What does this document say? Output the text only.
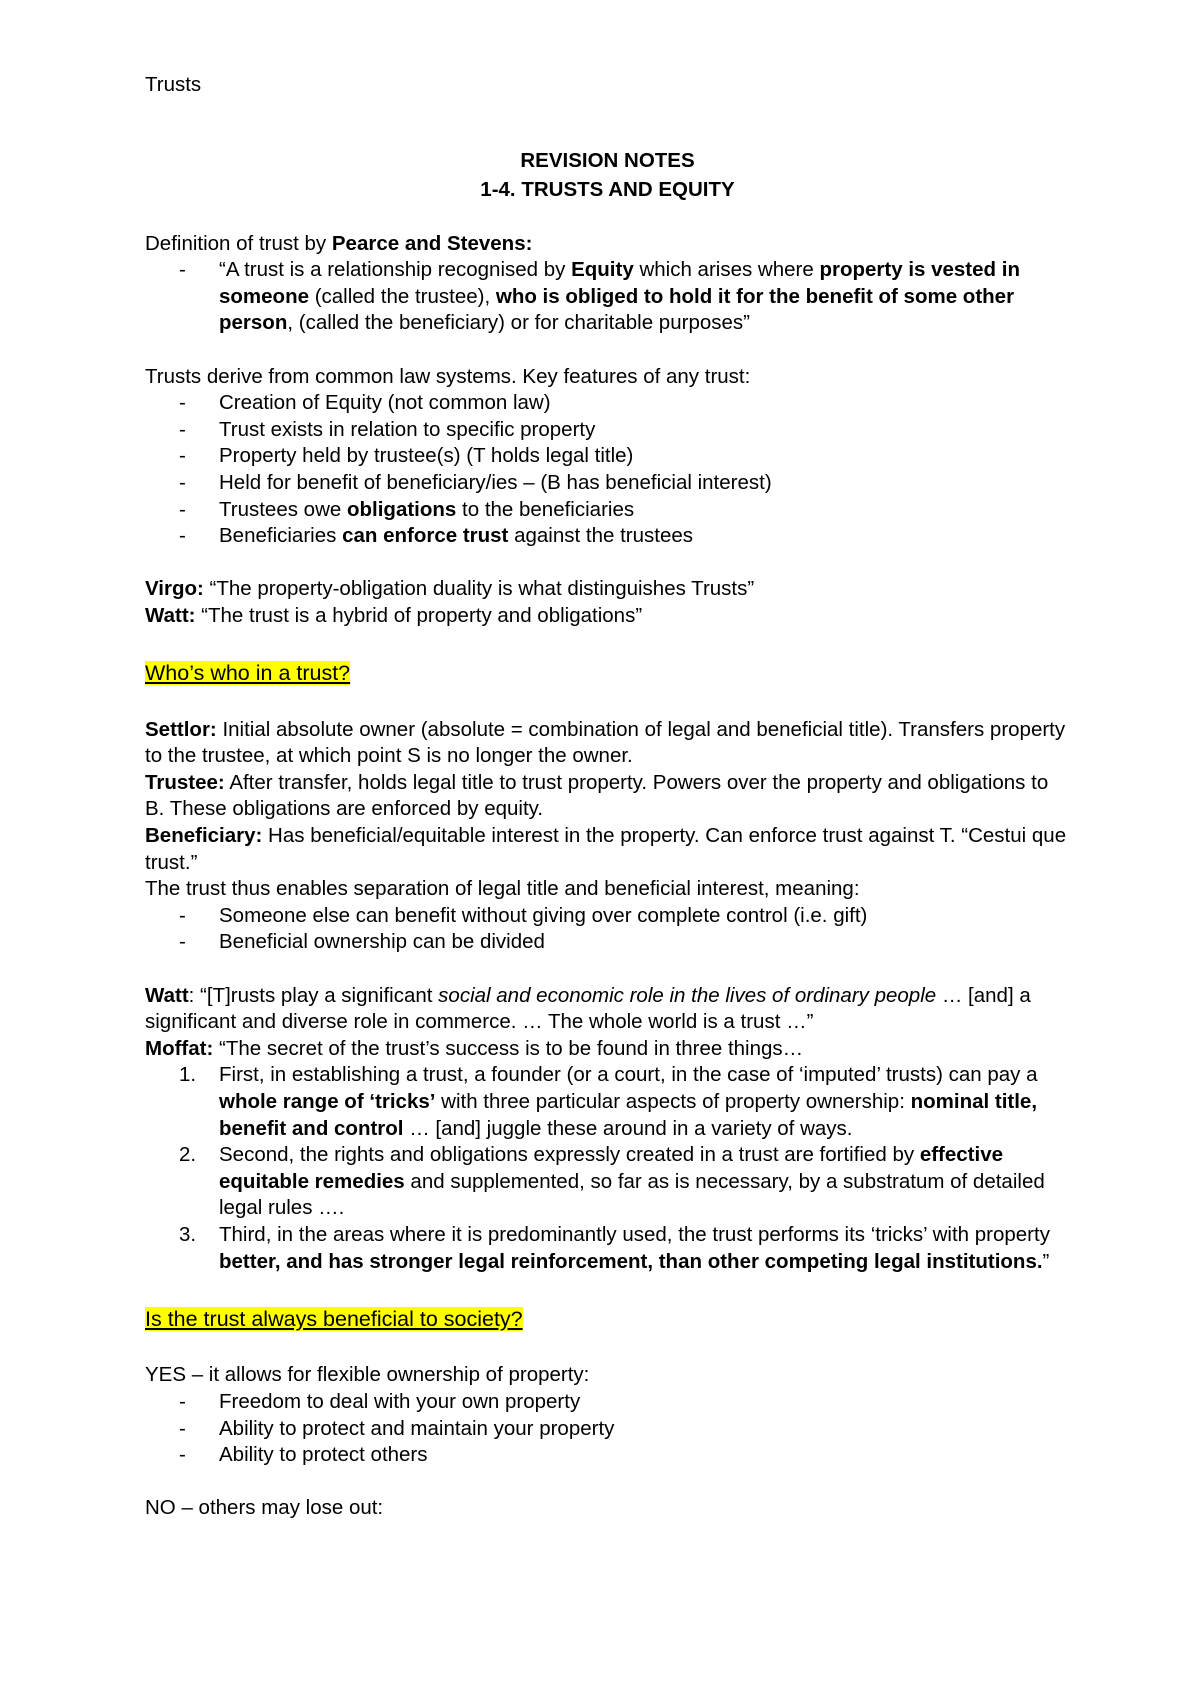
Trusts
REVISION NOTES
1-4. TRUSTS AND EQUITY

Definition of trust by Pearce and Stevens:

- “A trust is a relationship recognised by Equity which arises where property is vested in someone (called the trustee), who is obliged to hold it for the benefit of some other person, (called the beneficiary) or for charitable purposes”

Trusts derive from common law systems. Key features of any trust:

- Creation of Equity (not common law)
- Trust exists in relation to specific property
- Property held by trustee(s) (T holds legal title)
- Held for benefit of beneficiary/ies – (B has beneficial interest)
- Trustees owe obligations to the beneficiaries
- Beneficiaries can enforce trust against the trustees

Virgo: “The property-obligation duality is what distinguishes Trusts”

Watt: “The trust is a hybrid of property and obligations”

Who’s who in a trust?

Settlor: Initial absolute owner (absolute = combination of legal and beneficial title). Transfers property to the trustee, at which point S is no longer the owner.

Trustee: After transfer, holds legal title to trust property. Powers over the property and obligations to B. These obligations are enforced by equity.

Beneficiary: Has beneficial/equitable interest in the property. Can enforce trust against T. “Cestui que trust.”

The trust thus enables separation of legal title and beneficial interest, meaning:

- Someone else can benefit without giving over complete control (i.e. gift)
- Beneficial ownership can be divided

Watt: “[T]rusts play a significant social and economic role in the lives of ordinary people … [and] a significant and diverse role in commerce. … The whole world is a trust …”

Moffat: “The secret of the trust’s success is to be found in three things…

1. First, in establishing a trust, a founder (or a court, in the case of ‘imputed’ trusts) can pay a whole range of ‘tricks’ with three particular aspects of property ownership: nominal title, benefit and control … [and] juggle these around in a variety of ways.
2. Second, the rights and obligations expressly created in a trust are fortified by effective equitable remedies and supplemented, so far as is necessary, by a substratum of detailed legal rules ….
3. Third, in the areas where it is predominantly used, the trust performs its ‘tricks’ with property better, and has stronger legal reinforcement, than other competing legal institutions.”

Is the trust always beneficial to society?

YES – it allows for flexible ownership of property:

- Freedom to deal with your own property
- Ability to protect and maintain your property
- Ability to protect others

NO – others may lose out:
